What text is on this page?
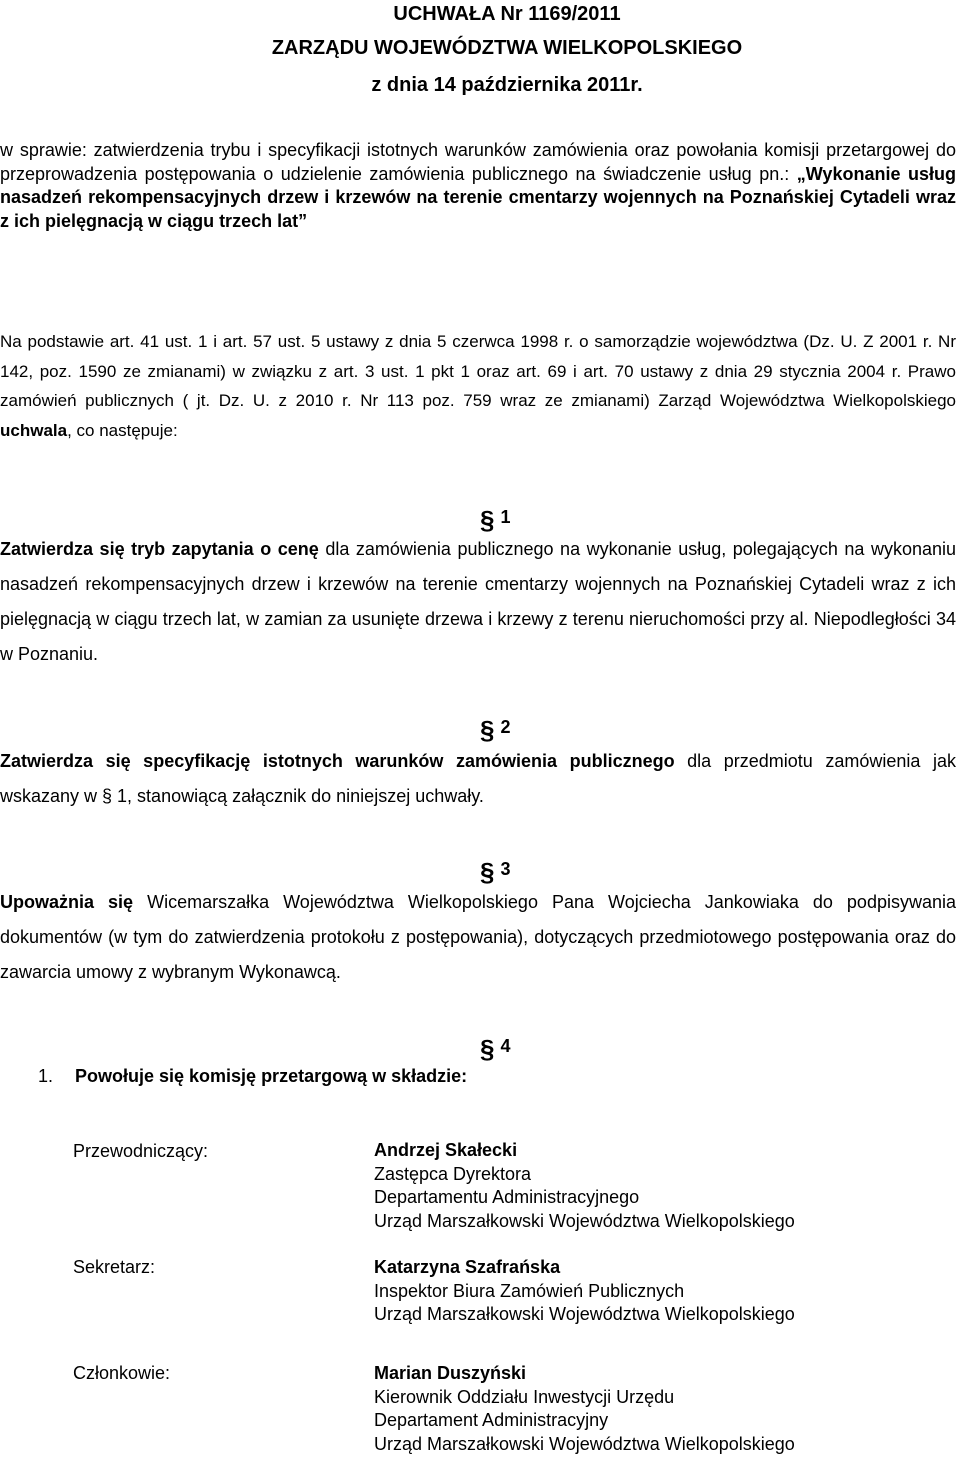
UCHWAŁA Nr 1169/2011
ZARZĄDU WOJEWÓDZTWA WIELKOPOLSKIEGO
z dnia 14 października 2011r.
w sprawie: zatwierdzenia trybu i specyfikacji istotnych warunków zamówienia oraz powołania komisji przetargowej do przeprowadzenia postępowania o udzielenie zamówienia publicznego na świadczenie usług pn.: „Wykonanie usług nasadzeń rekompensacyjnych drzew i krzewów na terenie cmentarzy wojennych na Poznańskiej Cytadeli wraz z ich pielęgnacją w ciągu trzech lat”
Na podstawie art. 41 ust. 1 i art. 57 ust. 5 ustawy z dnia 5 czerwca 1998 r. o samorządzie województwa (Dz. U. Z 2001 r. Nr 142, poz. 1590 ze zmianami) w związku z art. 3 ust. 1 pkt 1 oraz art. 69 i art. 70 ustawy z dnia 29 stycznia 2004 r. Prawo zamówień publicznych ( jt. Dz. U. z 2010 r. Nr 113 poz. 759 wraz ze zmianami) Zarząd Województwa Wielkopolskiego uchwala, co następuje:
§ 1
Zatwierdza się tryb zapytania o cenę dla zamówienia publicznego na wykonanie usług, polegających na wykonaniu nasadzeń rekompensacyjnych drzew i krzewów na terenie cmentarzy wojennych na Poznańskiej Cytadeli wraz z ich pielęgnacją w ciągu trzech lat, w zamian za usunięte drzewa i krzewy z terenu nieruchomości przy al. Niepodległości 34 w Poznaniu.
§ 2
Zatwierdza się specyfikację istotnych warunków zamówienia publicznego dla przedmiotu zamówienia jak wskazany w § 1, stanowiącą załącznik do niniejszej uchwały.
§ 3
Upoważnia się Wicemarszałka Województwa Wielkopolskiego Pana Wojciecha Jankowiaka do podpisywania dokumentów (w tym do zatwierdzenia protokołu z postępowania), dotyczących przedmiotowego postępowania oraz do zawarcia umowy z wybranym Wykonawcą.
§ 4
1. Powołuje się komisję przetargową w składzie:
Przewodniczący:	Andrzej Skałecki
Zastępca Dyrektora
Departamentu Administracyjnego
Urząd Marszałkowski Województwa Wielkopolskiego
Sekretarz:	Katarzyna Szafrańska
Inspektor Biura Zamówień Publicznych
Urząd Marszałkowski Województwa Wielkopolskiego
Członkowie:	Marian Duszyński
Kierownik Oddziału Inwestycji Urzędu
Departament Administracyjny
Urząd Marszałkowski Województwa Wielkopolskiego
